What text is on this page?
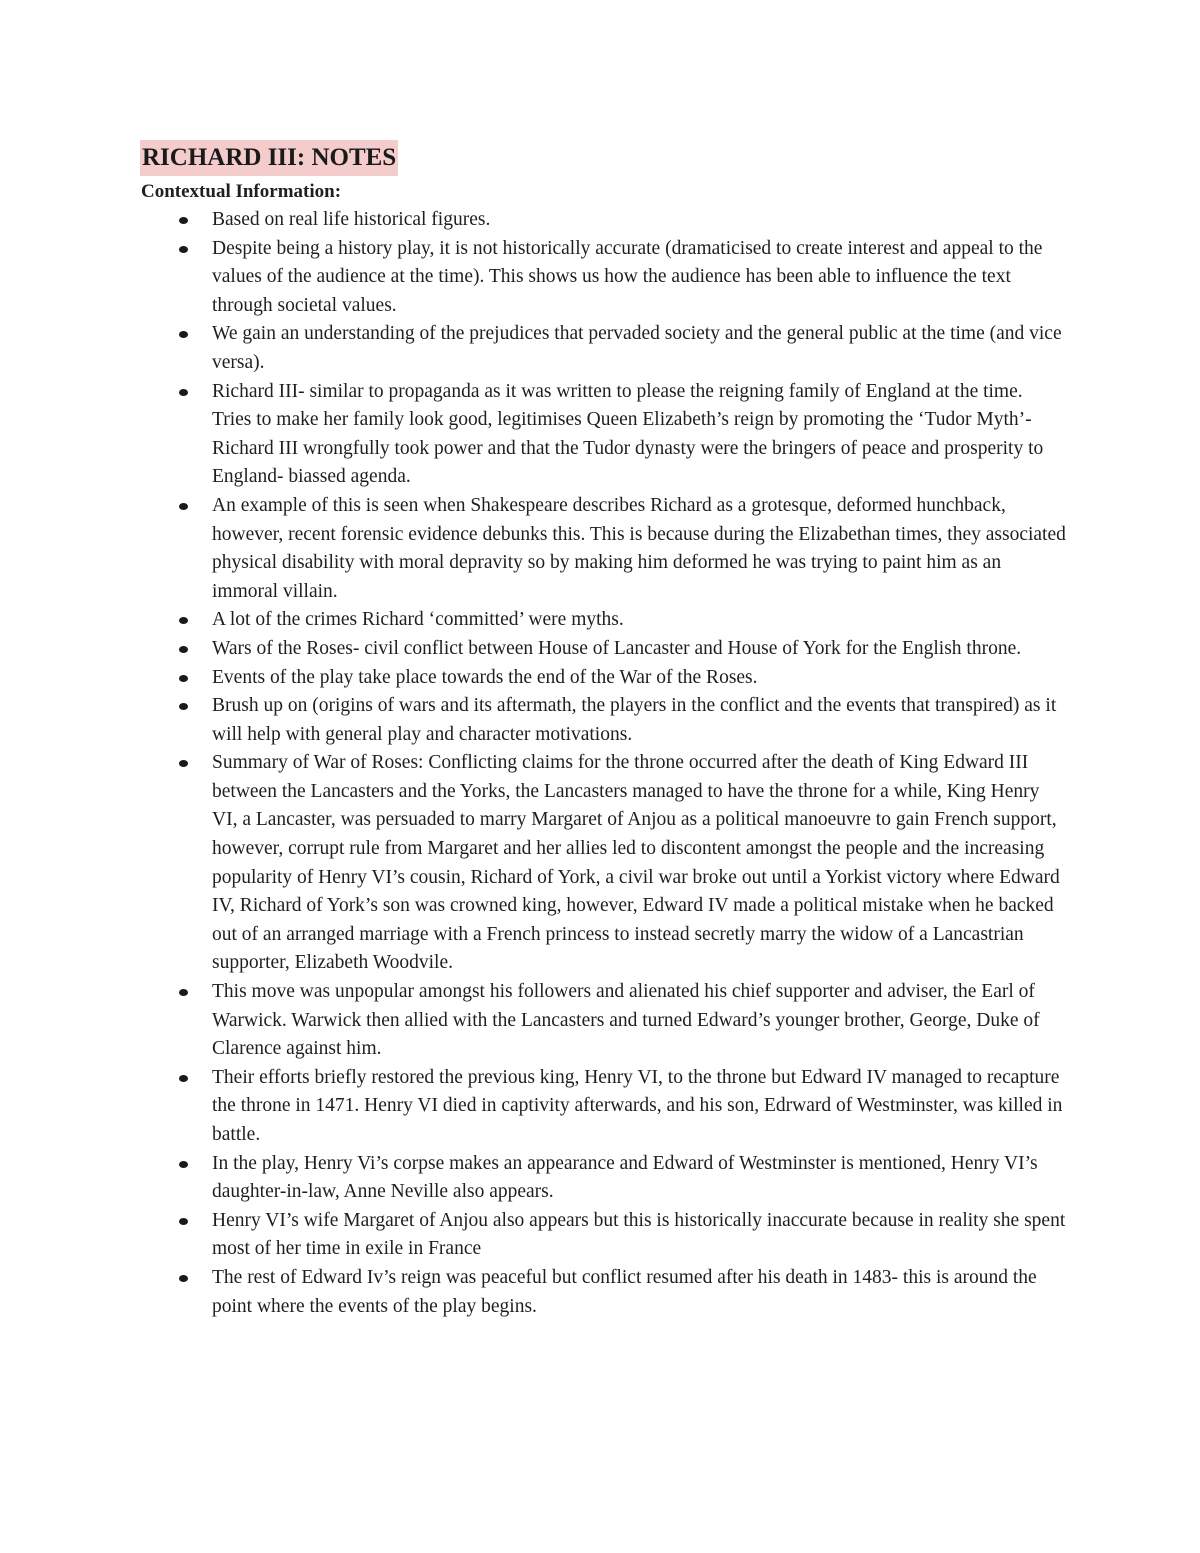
RICHARD III: NOTES
Contextual Information:
Based on real life historical figures.
Despite being a history play, it is not historically accurate (dramaticised to create interest and appeal to the values of the audience at the time). This shows us how the audience has been able to influence the text through societal values.
We gain an understanding of the prejudices that pervaded society and the general public at the time (and vice versa).
Richard III- similar to propaganda as it was written to please the reigning family of England at the time. Tries to make her family look good, legitimises Queen Elizabeth’s reign by promoting the ‘Tudor Myth’- Richard III wrongfully took power and that the Tudor dynasty were the bringers of peace and prosperity to England- biassed agenda.
An example of this is seen when Shakespeare describes Richard as a grotesque, deformed hunchback, however, recent forensic evidence debunks this. This is because during the Elizabethan times, they associated physical disability with moral depravity so by making him deformed he was trying to paint him as an immoral villain.
A lot of the crimes Richard ‘committed’ were myths.
Wars of the Roses- civil conflict between House of Lancaster and House of York for the English throne.
Events of the play take place towards the end of the War of the Roses.
Brush up on (origins of wars and its aftermath, the players in the conflict and the events that transpired) as it will help with general play and character motivations.
Summary of War of Roses: Conflicting claims for the throne occurred after the death of King Edward III between the Lancasters and the Yorks, the Lancasters managed to have the throne for a while, King Henry VI, a Lancaster, was persuaded to marry Margaret of Anjou as a political manoeuvre to gain French support, however, corrupt rule from Margaret and her allies led to discontent amongst the people and the increasing popularity of Henry VI’s cousin, Richard of York, a civil war broke out until a Yorkist victory where Edward IV, Richard of York’s son was crowned king, however, Edward IV made a political mistake when he backed out of an arranged marriage with a French princess to instead secretly marry the widow of a Lancastrian supporter, Elizabeth Woodvile.
This move was unpopular amongst his followers and alienated his chief supporter and adviser, the Earl of Warwick. Warwick then allied with the Lancasters and turned Edward’s younger brother, George, Duke of Clarence against him.
Their efforts briefly restored the previous king, Henry VI, to the throne but Edward IV managed to recapture the throne in 1471. Henry VI died in captivity afterwards, and his son, Edrward of Westminster, was killed in battle.
In the play, Henry Vi’s corpse makes an appearance and Edward of Westminster is mentioned, Henry VI’s daughter-in-law, Anne Neville also appears.
Henry VI’s wife Margaret of Anjou also appears but this is historically inaccurate because in reality she spent most of her time in exile in France
The rest of Edward Iv’s reign was peaceful but conflict resumed after his death in 1483- this is around the point where the events of the play begins.
